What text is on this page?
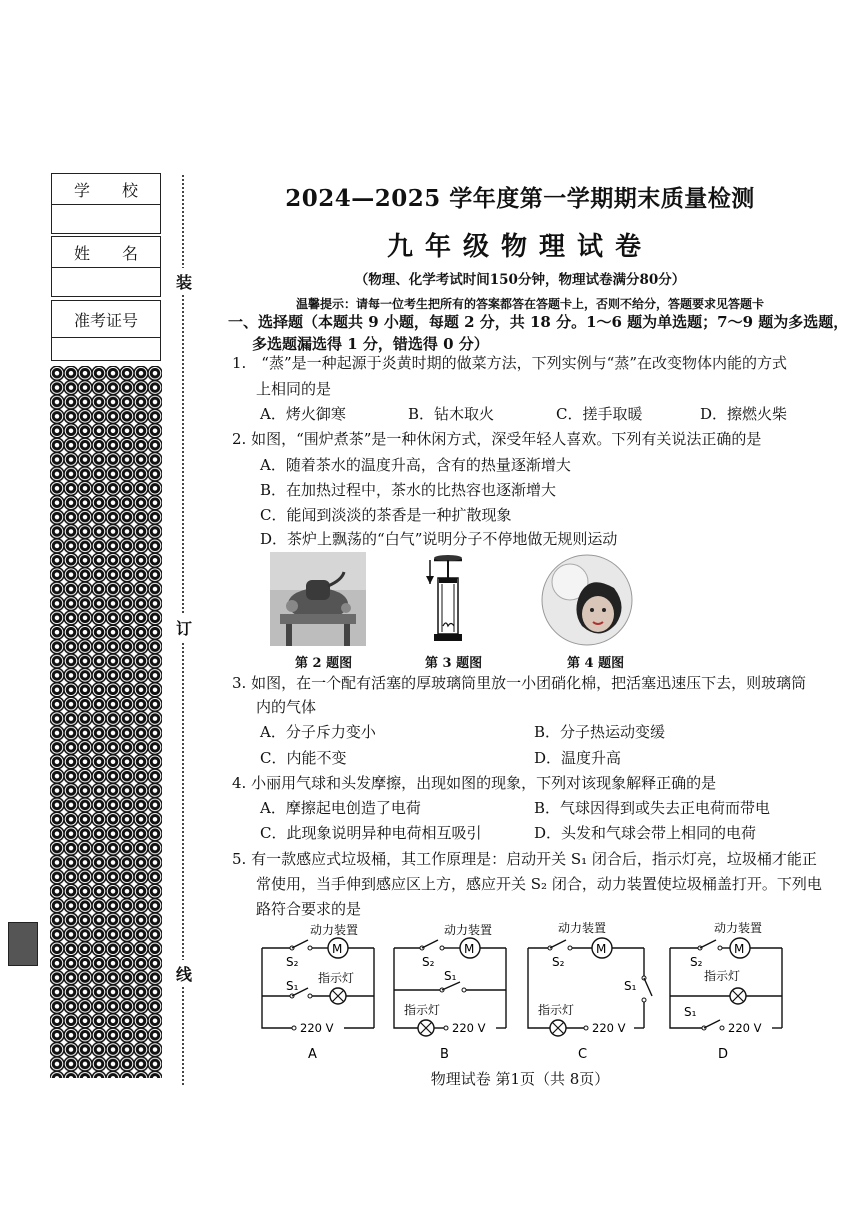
学　　校
姓　　名
准考证号
装
订
线
2024—2025 学年度第一学期期末质量检测
九年级物理试卷
（物理、化学考试时间150分钟，物理试卷满分80分）
温馨提示：请每一位考生把所有的答案都答在答题卡上，否则不给分，答题要求见答题卡
一、选择题（本题共 9 小题，每题 2 分，共 18 分。1～6 题为单选题；7～9 题为多选题，
多选题漏选得 1 分，错选得 0 分）
1.　“蒸”是一种起源于炎黄时期的做菜方法，下列实例与“蒸”在改变物体内能的方式
上相同的是
A．烤火御寒	B．钻木取火	C．搓手取暖	D．擦燃火柴
2. 如图，“围炉煮茶”是一种休闲方式，深受年轻人喜欢。下列有关说法正确的是
A．随着茶水的温度升高，含有的热量逐渐增大
B．在加热过程中，茶水的比热容也逐渐增大
C．能闻到淡淡的茶香是一种扩散现象
D．茶炉上飘荡的“白气”说明分子不停地做无规则运动
第 2 题图	第 3 题图	第 4 题图
3. 如图，在一个配有活塞的厚玻璃筒里放一小团硝化棉，把活塞迅速压下去，则玻璃筒
内的气体
A．分子斥力变小	B．分子热运动变缓
C．内能不变	D．温度升高
4. 小丽用气球和头发摩擦，出现如图的现象，下列对该现象解释正确的是
A．摩擦起电创造了电荷	B．气球因得到或失去正电荷而带电
C．此现象说明异种电荷相互吸引	D．头发和气球会带上相同的电荷
5. 有一款感应式垃圾桶，其工作原理是：启动开关 S₁ 闭合后，指示灯亮，垃圾桶才能正
常使用，当手伸到感应区上方，感应开关 S₂ 闭合，动力装置使垃圾桶盖打开。下列电
路符合要求的是
动力装置
M
S₂
指示灯
S₁
220 V
A
动力装置
M
S₂
S₁
指示灯
220 V
B
动力装置
M
S₂
S₁
指示灯
220 V
C
动力装置
M
S₂
指示灯
S₁
220 V
D
物理试卷 第1页（共 8页）
